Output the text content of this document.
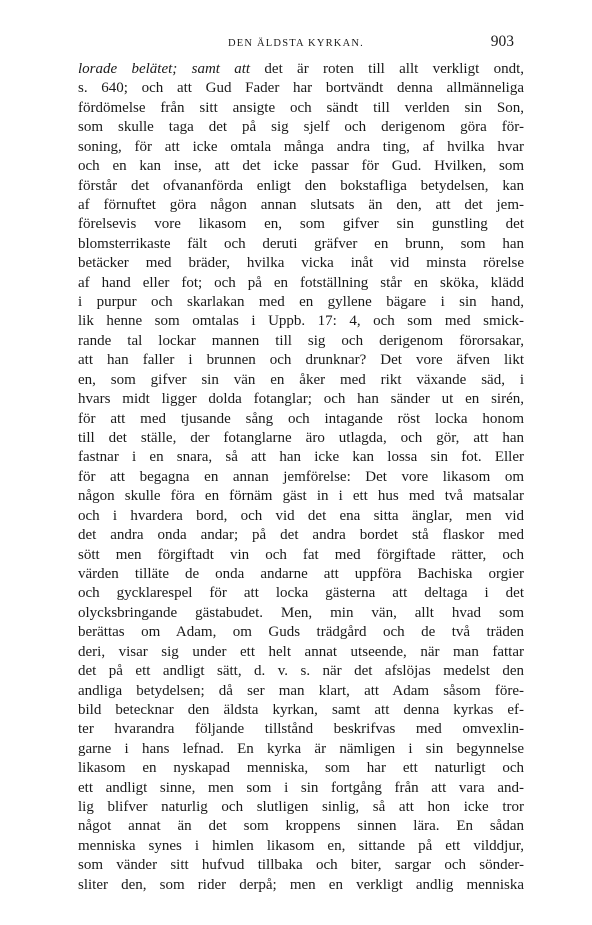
DEN ÄLDSTA KYRKAN.	903
lorade belätet; samt att det är roten till allt verkligt ondt,
s. 640; och att Gud Fader har bortvändt denna allmänneliga
fördömelse från sitt ansigte och sändt till verlden sin Son,
som skulle taga det på sig sjelf och derigenom göra för-
soning, för att icke omtala många andra ting, af hvilka hvar
och en kan inse, att det icke passar för Gud. Hvilken, som
förstår det ofvananförda enligt den bokstafliga betydelsen, kan
af förnuftet göra någon annan slutsats än den, att det jem-
förelsevis vore likasom en, som gifver sin gunstling det
blomsterrikaste fält och deruti gräfver en brunn, som han
betäcker med bräder, hvilka vicka inåt vid minsta rörelse
af hand eller fot; och på en fotställning står en sköka, klädd
i purpur och skarlakan med en gyllene bägare i sin hand,
lik henne som omtalas i Uppb. 17: 4, och som med smick-
rande tal lockar mannen till sig och derigenom förorsakar,
att han faller i brunnen och drunknar? Det vore äfven likt
en, som gifver sin vän en åker med rikt växande säd, i
hvars midt ligger dolda fotanglar; och han sänder ut en sirén,
för att med tjusande sång och intagande röst locka honom
till det ställe, der fotanglarne äro utlagda, och gör, att han
fastnar i en snara, så att han icke kan lossa sin fot. Eller
för att begagna en annan jemförelse: Det vore likasom om
någon skulle föra en förnäm gäst in i ett hus med två matsalar
och i hvardera bord, och vid det ena sitta änglar, men vid
det andra onda andar; på det andra bordet stå flaskor med
sött men förgiftadt vin och fat med förgiftade rätter, och
värden tilläte de onda andarne att uppföra Bachiska orgier
och gycklarespel för att locka gästerna att deltaga i det
olycksbringande gästabudet. Men, min vän, allt hvad som
berättas om Adam, om Guds trädgård och de två träden
deri, visar sig under ett helt annat utseende, när man fattar
det på ett andligt sätt, d. v. s. när det afslöjas medelst den
andliga betydelsen; då ser man klart, att Adam såsom före-
bild betecknar den äldsta kyrkan, samt att denna kyrkas ef-
ter hvarandra följande tillstånd beskrifvas med omvexlin-
garne i hans lefnad. En kyrka är nämligen i sin begynnelse
likasom en nyskapad menniska, som har ett naturligt och
ett andligt sinne, men som i sin fortgång från att vara and-
lig blifver naturlig och slutligen sinlig, så att hon icke tror
något annat än det som kroppens sinnen lära. En sådan
menniska synes i himlen likasom en, sittande på ett vilddjur,
som vänder sitt hufvud tillbaka och biter, sargar och sönder-
sliter den, som rider derpå; men en verkligt andlig menniska
